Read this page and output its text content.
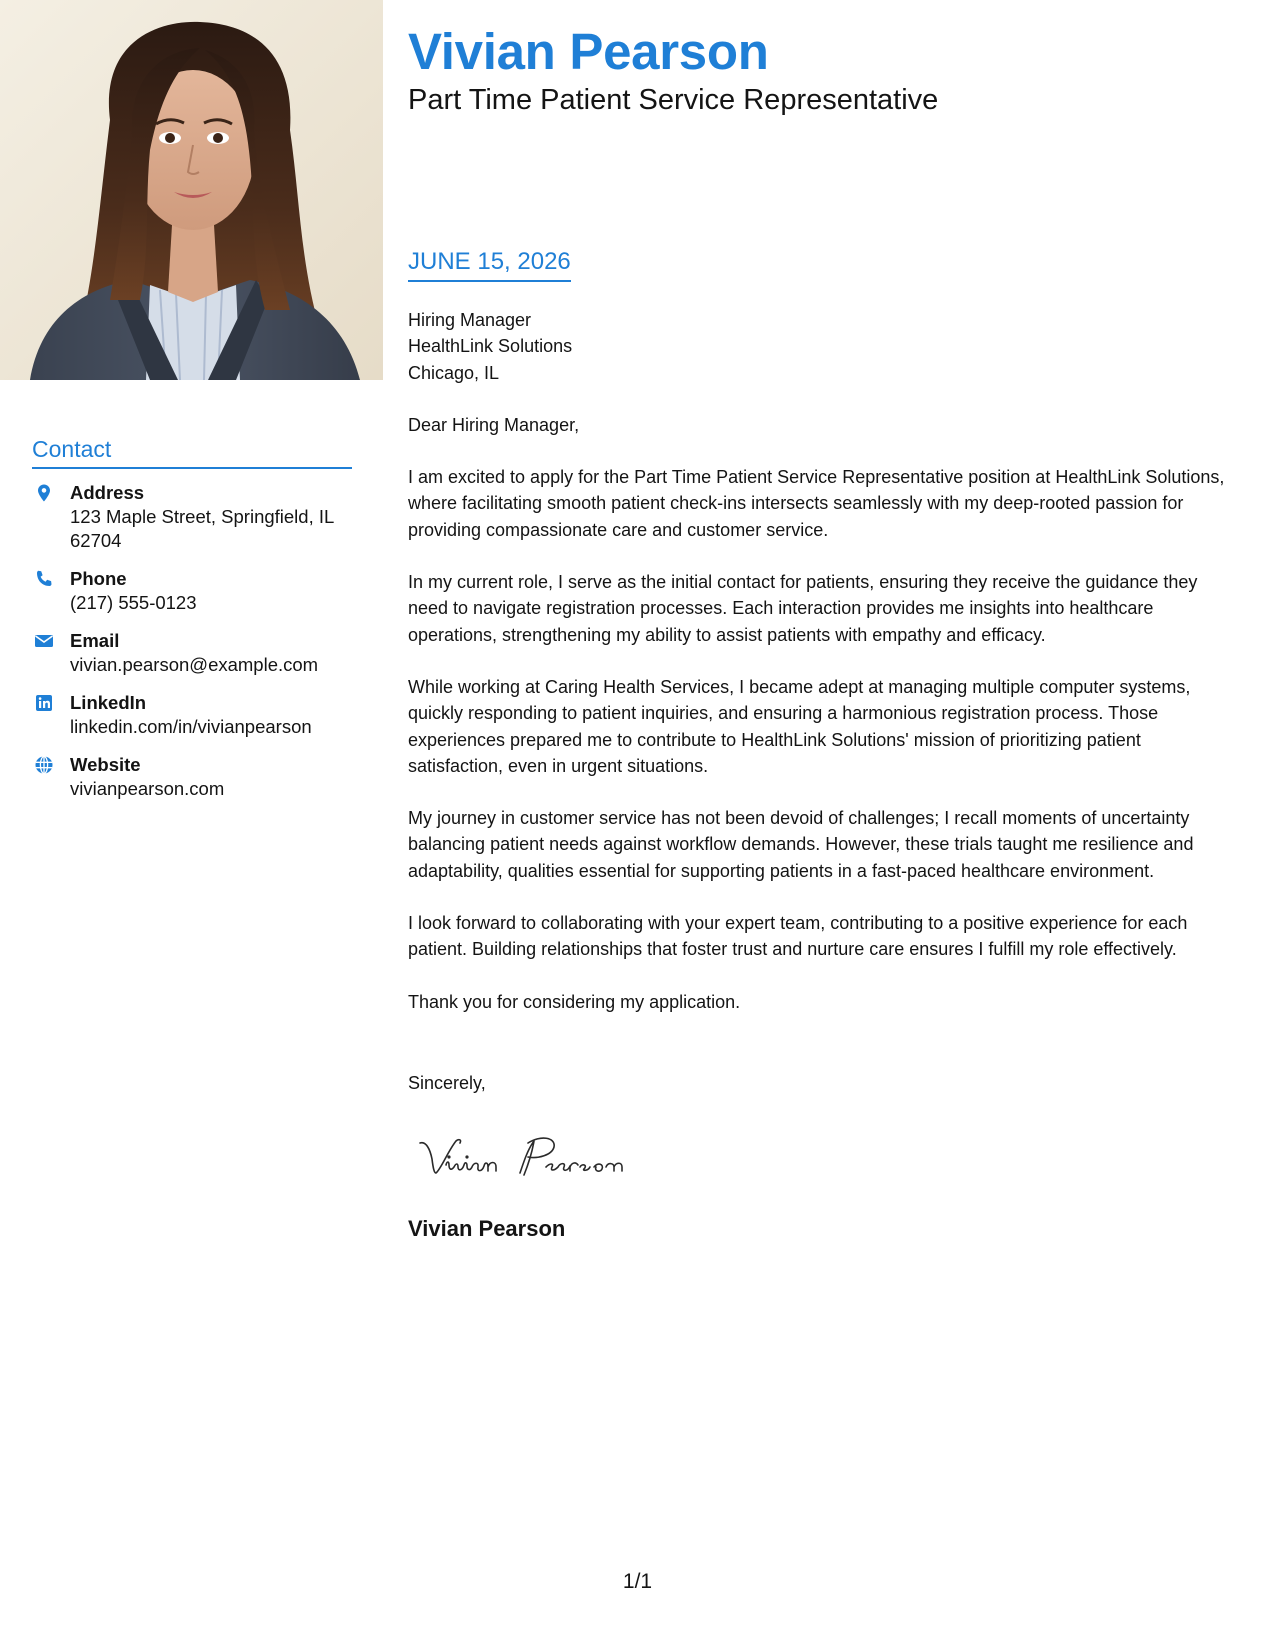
Contact
Address
123 Maple Street, Springfield, IL 62704
Phone
(217) 555-0123
Email
vivian.pearson@example.com
LinkedIn
linkedin.com/in/vivianpearson
Website
vivianpearson.com
Vivian Pearson
Part Time Patient Service Representative
JUNE 15, 2026

Hiring Manager

HealthLink Solutions

Chicago, IL

Dear Hiring Manager,

I am excited to apply for the Part Time Patient Service Representative position at HealthLink Solutions, where facilitating smooth patient check-ins intersects seamlessly with my deep-rooted passion for providing compassionate care and customer service.

In my current role, I serve as the initial contact for patients, ensuring they receive the guidance they need to navigate registration processes. Each interaction provides me insights into healthcare operations, strengthening my ability to assist patients with empathy and efficacy.

While working at Caring Health Services, I became adept at managing multiple computer systems, quickly responding to patient inquiries, and ensuring a harmonious registration process. Those experiences prepared me to contribute to HealthLink Solutions' mission of prioritizing patient satisfaction, even in urgent situations.

My journey in customer service has not been devoid of challenges; I recall moments of uncertainty balancing patient needs against workflow demands. However, these trials taught me resilience and adaptability, qualities essential for supporting patients in a fast-paced healthcare environment.

I look forward to collaborating with your expert team, contributing to a positive experience for each patient. Building relationships that foster trust and nurture care ensures I fulfill my role effectively.

Thank you for considering my application.

Sincerely,
Vivian Pearson
1/1
